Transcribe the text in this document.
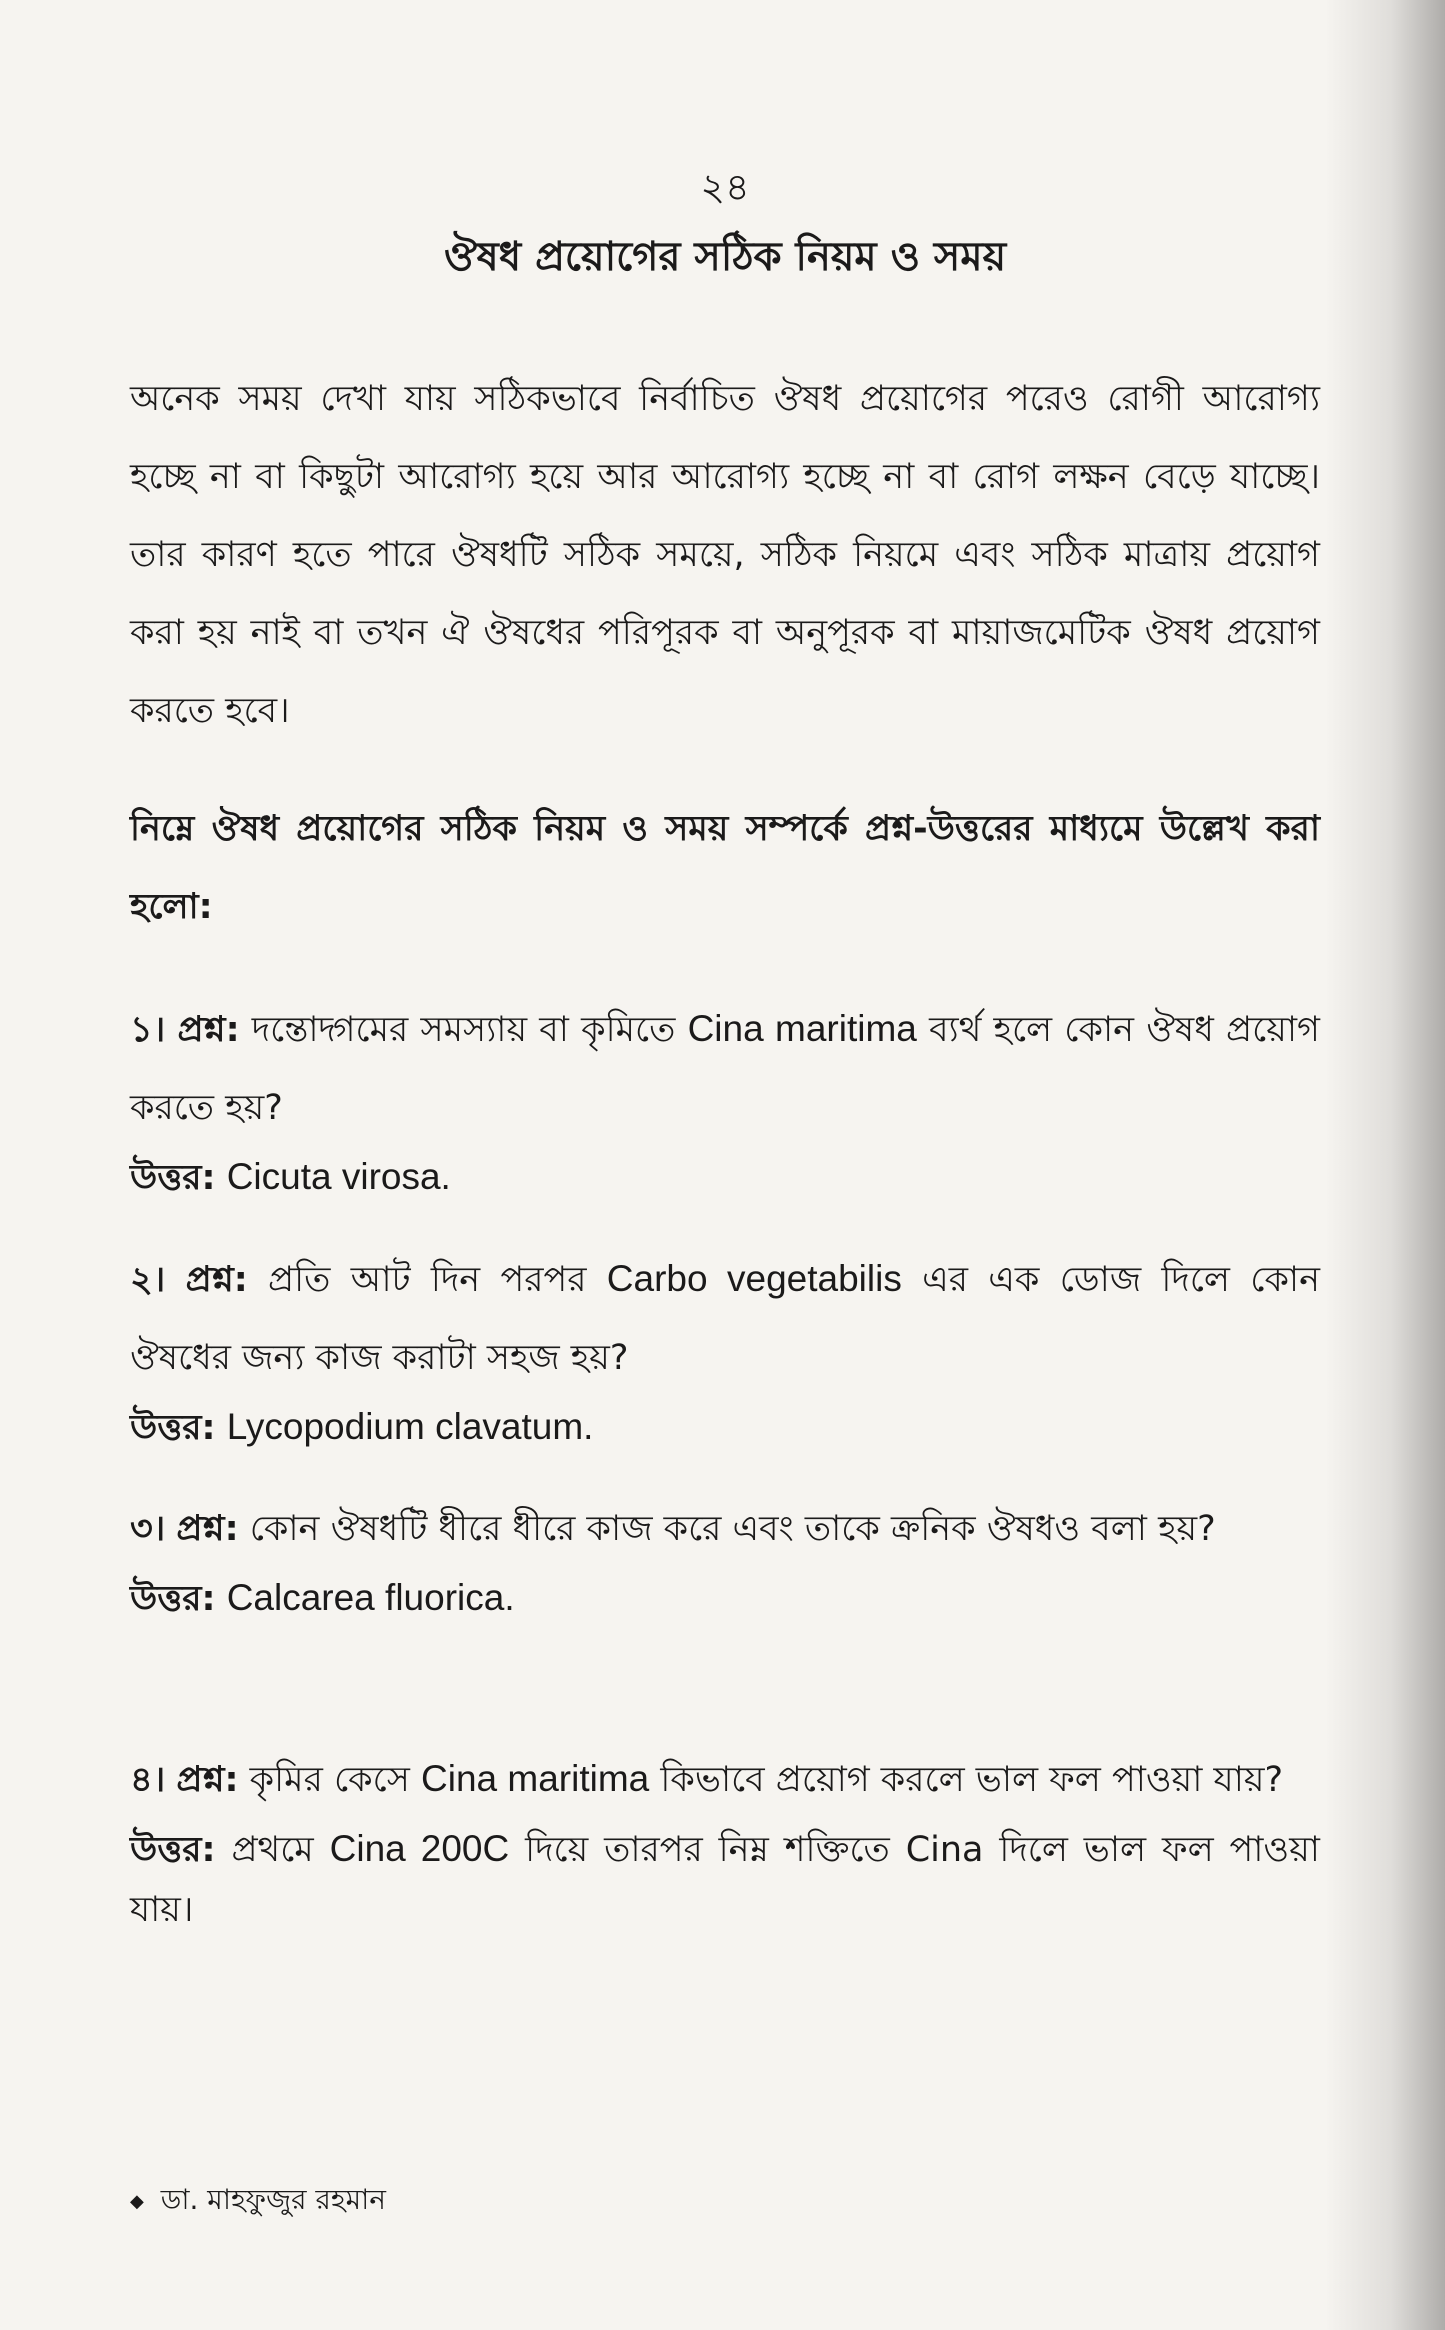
২৪
ঔষধ প্রয়োগের সঠিক নিয়ম ও সময়
অনেক সময় দেখা যায় সঠিকভাবে নির্বাচিত ঔষধ প্রয়োগের পরেও রোগী আরোগ্য হচ্ছে না বা কিছুটা আরোগ্য হয়ে আর আরোগ্য হচ্ছে না বা রোগ লক্ষন বেড়ে যাচ্ছে। তার কারণ হতে পারে ঔষধটি সঠিক সময়ে, সঠিক নিয়মে এবং সঠিক মাত্রায় প্রয়োগ করা হয় নাই বা তখন ঐ ঔষধের পরিপূরক বা অনুপূরক বা মায়াজমেটিক ঔষধ প্রয়োগ করতে হবে।
নিম্নে ঔষধ প্রয়োগের সঠিক নিয়ম ও সময় সম্পর্কে প্রশ্ন-উত্তরের মাধ্যমে উল্লেখ করা হলো:
১। প্রশ্ন: দন্তোদ্গমের সমস্যায় বা কৃমিতে Cina maritima ব্যর্থ হলে কোন ঔষধ প্রয়োগ করতে হয়?
উত্তর: Cicuta virosa.
২। প্রশ্ন: প্রতি আট দিন পরপর Carbo vegetabilis এর এক ডোজ দিলে কোন ঔষধের জন্য কাজ করাটা সহজ হয়?
উত্তর: Lycopodium clavatum.
৩। প্রশ্ন: কোন ঔষধটি ধীরে ধীরে কাজ করে এবং তাকে ক্রনিক ঔষধও বলা হয়?
উত্তর: Calcarea fluorica.
৪। প্রশ্ন: কৃমির কেসে Cina maritima কিভাবে প্রয়োগ করলে ভাল ফল পাওয়া যায়?
উত্তর: প্রথমে Cina 200C দিয়ে তারপর নিম্ন শক্তিতে Cina দিলে ভাল ফল পাওয়া যায়।
◆ ডা. মাহফুজুর রহমান
